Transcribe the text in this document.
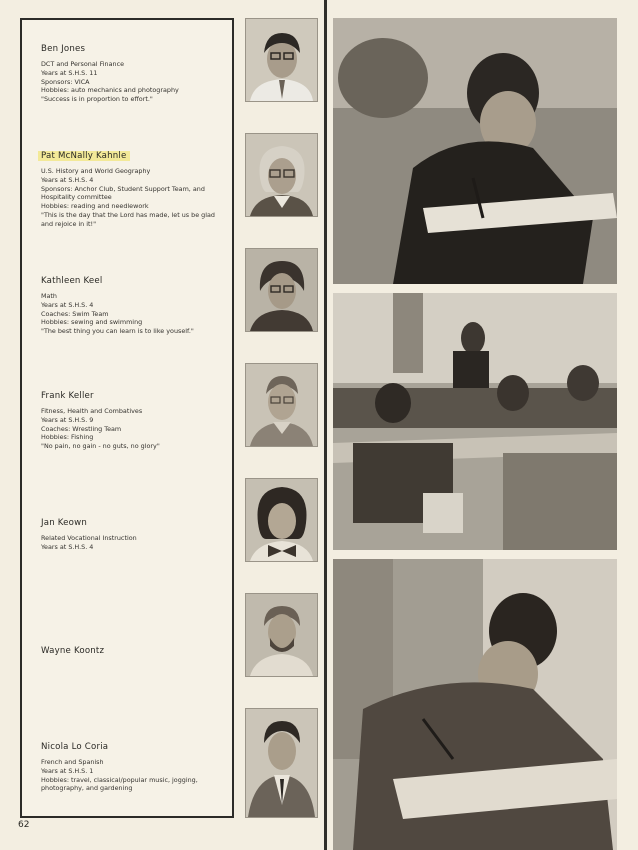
Ben Jones
DCT and Personal Finance
Years at S.H.S. 11
Sponsors: VICA
Hobbies: auto mechanics and photography
"Success is in proportion to effort."
Pat McNally Kahnle
U.S. History and World Geography
Years at S.H.S. 4
Sponsors: Anchor Club, Student Support Team, and
Hospitality committee
Hobbies: reading and needlework
"This is the day that the Lord has made, let us be glad
and rejoice in it!"
Kathleen Keel
Math
Years at S.H.S. 4
Coaches: Swim Team
Hobbies: sewing and swimming
"The best thing you can learn is to like youself."
Frank Keller
Fitness, Health and Combatives
Years at S.H.S. 9
Coaches: Wrestling Team
Hobbies: Fishing
"No pain, no gain - no guts, no glory"
Jan Keown
Related Vocational Instruction
Years at S.H.S. 4
Wayne Koontz
Nicola Lo Coria
French and Spanish
Years at S.H.S. 1
Hobbies: travel, classical/popular music, jogging,
photography, and gardening
62
